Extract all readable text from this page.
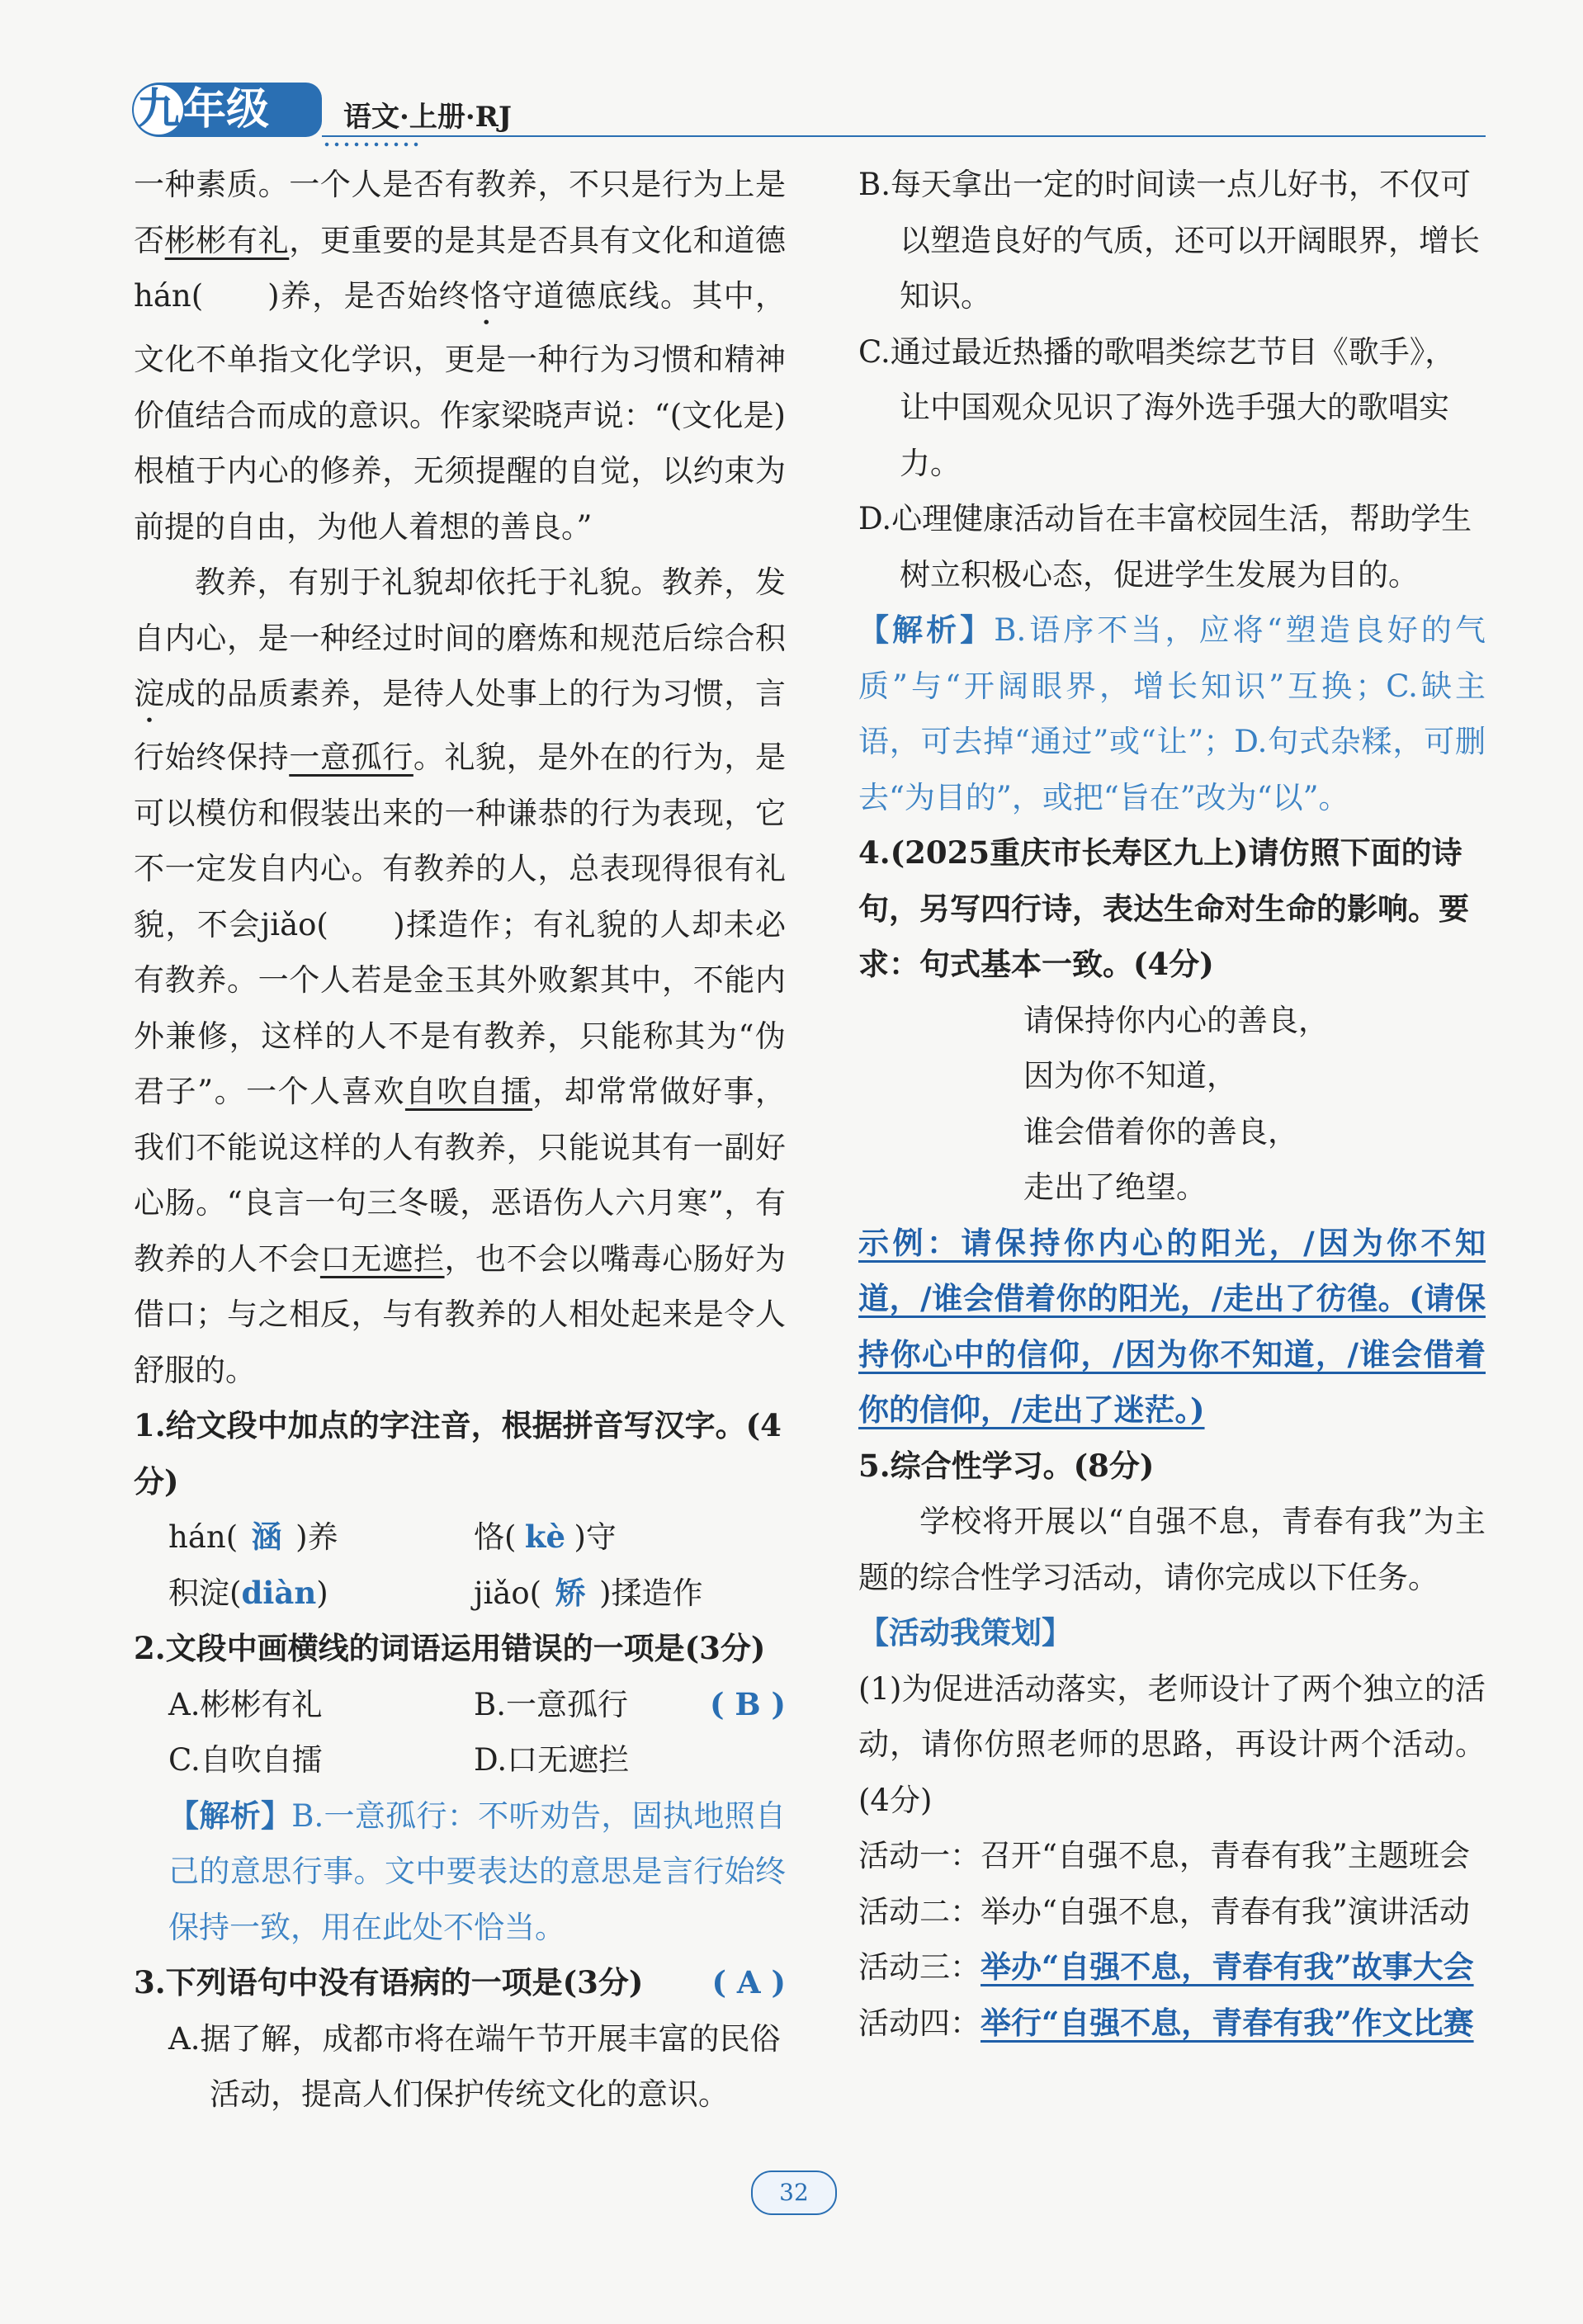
九年级	语文·上册·RJ

一种素质。一个人是否有教养，不只是行为上是否彬彬有礼，更重要的是其是否具有文化和道德hán(　　)养，是否始终恪守道德底线。其中，文化不单指文化学识，更是一种行为习惯和精神价值结合而成的意识。作家梁晓声说：“(文化是)根植于内心的修养，无须提醒的自觉，以约束为前提的自由，为他人着想的善良。”

教养，有别于礼貌却依托于礼貌。教养，发自内心，是一种经过时间的磨炼和规范后综合积淀成的品质素养，是待人处事上的行为习惯，言行始终保持一意孤行。礼貌，是外在的行为，是可以模仿和假装出来的一种谦恭的行为表现，它不一定发自内心。有教养的人，总表现得很有礼貌，不会jiǎo(　　)揉造作；有礼貌的人却未必有教养。一个人若是金玉其外败絮其中，不能内外兼修，这样的人不是有教养，只能称其为“伪君子”。一个人喜欢自吹自擂，却常常做好事，我们不能说这样的人有教养，只能说其有一副好心肠。“良言一句三冬暖，恶语伤人六月寒”，有教养的人不会口无遮拦，也不会以嘴毒心肠好为借口；与之相反，与有教养的人相处起来是令人舒服的。

1.给文段中加点的字注音，根据拼音写汉字。(4分)

hán( 涵 )养	恪( kè )守
积淀(diàn)	jiǎo( 矫 )揉造作

2.文段中画横线的词语运用错误的一项是(3分)
( B )

A.彬彬有礼	B.一意孤行
C.自吹自擂	D.口无遮拦

【解析】B.一意孤行：不听劝告，固执地照自己的意思行事。文中要表达的意思是言行始终保持一致，用在此处不恰当。

3.下列语句中没有语病的一项是(3分) ( A )

A.据了解，成都市将在端午节开展丰富的民俗活动，提高人们保护传统文化的意识。

B.每天拿出一定的时间读一点儿好书，不仅可以塑造良好的气质，还可以开阔眼界，增长知识。

C.通过最近热播的歌唱类综艺节目《歌手》，让中国观众见识了海外选手强大的歌唱实力。

D.心理健康活动旨在丰富校园生活，帮助学生树立积极心态，促进学生发展为目的。

【解析】B.语序不当，应将“塑造良好的气质”与“开阔眼界，增长知识”互换；C.缺主语，可去掉“通过”或“让”；D.句式杂糅，可删去“为目的”，或把“旨在”改为“以”。

4.(2025重庆市长寿区九上)请仿照下面的诗句，另写四行诗，表达生命对生命的影响。要求：句式基本一致。(4分)

请保持你内心的善良，

因为你不知道，

谁会借着你的善良，

走出了绝望。

示例：请保持你内心的阳光，/因为你不知道，/谁会借着你的阳光，/走出了彷徨。(请保持你心中的信仰，/因为你不知道，/谁会借着你的信仰，/走出了迷茫。)

5.综合性学习。(8分)

学校将开展以“自强不息，青春有我”为主题的综合性学习活动，请你完成以下任务。

【活动我策划】

(1)为促进活动落实，老师设计了两个独立的活动，请你仿照老师的思路，再设计两个活动。(4分)

活动一：召开“自强不息，青春有我”主题班会

活动二：举办“自强不息，青春有我”演讲活动

活动三：举办“自强不息，青春有我”故事大会

活动四：举行“自强不息，青春有我”作文比赛

32
